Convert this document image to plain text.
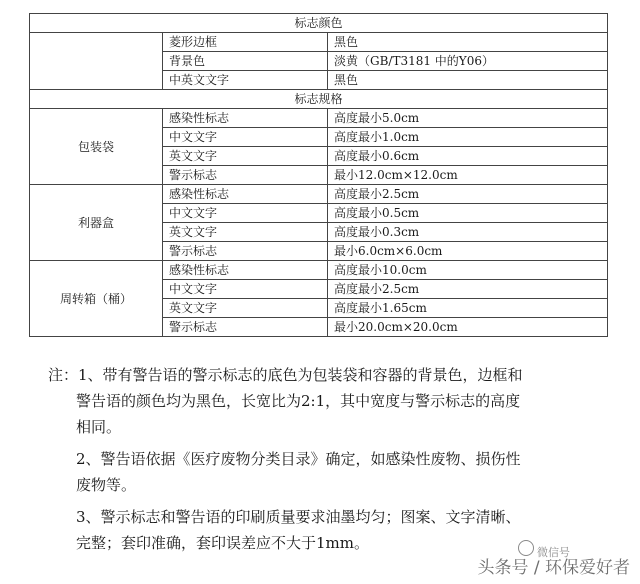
标志颜色		
	菱形边框	黑色
	背景色	淡黄（GB/T3181 中的Y06）
	中英文文字	黑色
标志规格		
包装袋	感染性标志	高度最小5.0cm
	中文文字	高度最小1.0cm
	英文文字	高度最小0.6cm
	警示标志	最小12.0cm×12.0cm
利器盒	感染性标志	高度最小2.5cm
	中文文字	高度最小0.5cm
	英文文字	高度最小0.3cm
	警示标志	最小6.0cm×6.0cm
周转箱（桶）	感染性标志	高度最小10.0cm
	中文文字	高度最小2.5cm
	英文文字	高度最小1.65cm
	警示标志	最小20.0cm×20.0cm
注：1、带有警告语的警示标志的底色为包装袋和容器的背景色，边框和
警告语的颜色均为黑色，长宽比为2:1，其中宽度与警示标志的高度
相同。
2、警告语依据《医疗废物分类目录》确定，如感染性废物、损伤性
废物等。
3、警示标志和警告语的印刷质量要求油墨均匀；图案、文字清晰、
完整；套印准确，套印误差应不大于1mm。
微信号
头条号 / 环保爱好者
